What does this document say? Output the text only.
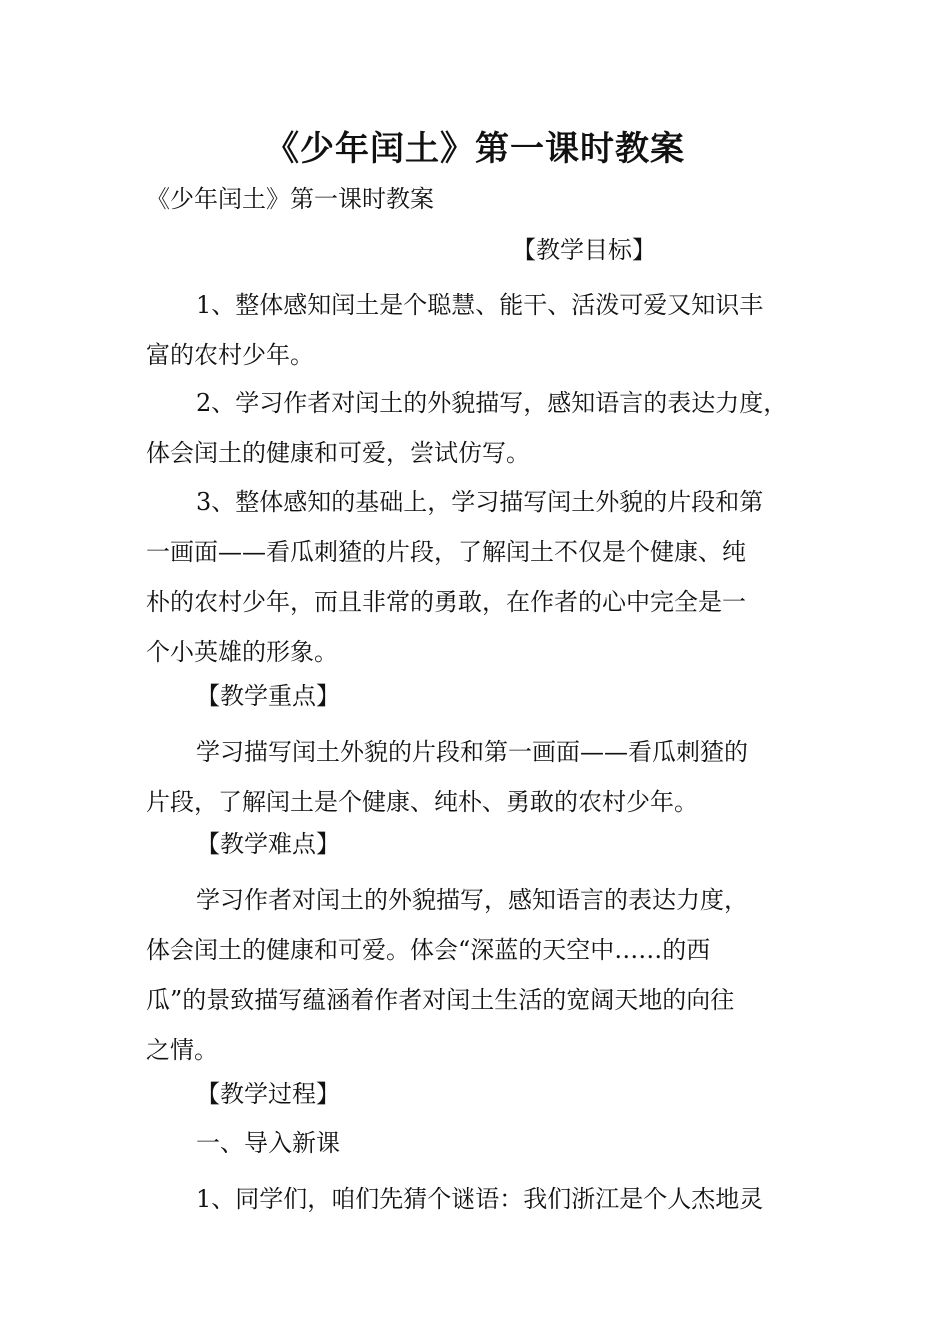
《少年闰土》第一课时教案

《少年闰土》第一课时教案

【教学目标】

1、整体感知闰土是个聪慧、能干、活泼可爱又知识丰
富的农村少年。

2、学习作者对闰土的外貌描写，感知语言的表达力度，
体会闰土的健康和可爱，尝试仿写。

3、整体感知的基础上，学习描写闰土外貌的片段和第
一画面——看瓜刺猹的片段，了解闰土不仅是个健康、纯
朴的农村少年，而且非常的勇敢，在作者的心中完全是一
个小英雄的形象。

【教学重点】

学习描写闰土外貌的片段和第一画面——看瓜刺猹的
片段，了解闰土是个健康、纯朴、勇敢的农村少年。

【教学难点】

学习作者对闰土的外貌描写，感知语言的表达力度，
体会闰土的健康和可爱。体会“深蓝的天空中……的西
瓜”的景致描写蕴涵着作者对闰土生活的宽阔天地的向往
之情。

【教学过程】

一、导入新课

1、同学们，咱们先猜个谜语：我们浙江是个人杰地灵
